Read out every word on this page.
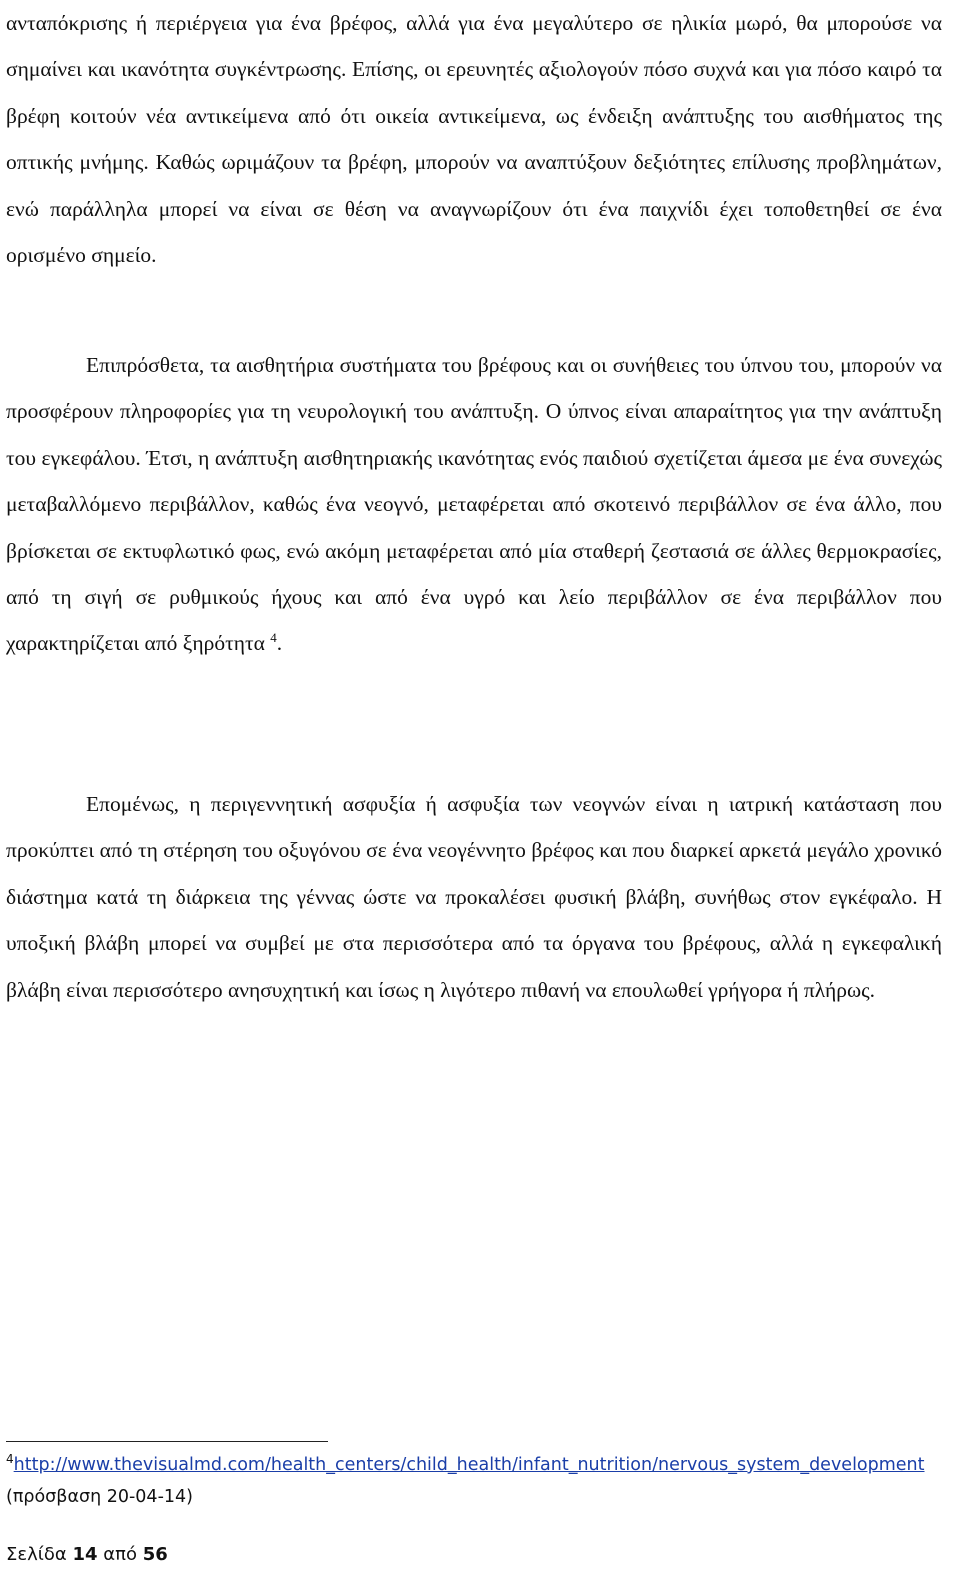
ανταπόκρισης ή περιέργεια για ένα βρέφος, αλλά για ένα μεγαλύτερο σε ηλικία μωρό, θα μπορούσε να σημαίνει και ικανότητα συγκέντρωσης. Επίσης, οι ερευνητές αξιολογούν πόσο συχνά και για πόσο καιρό τα βρέφη κοιτούν νέα αντικείμενα από ότι οικεία αντικείμενα, ως ένδειξη ανάπτυξης του αισθήματος της οπτικής μνήμης. Καθώς ωριμάζουν τα βρέφη, μπορούν να αναπτύξουν δεξιότητες επίλυσης προβλημάτων, ενώ παράλληλα μπορεί να είναι σε θέση να αναγνωρίζουν ότι ένα παιχνίδι έχει τοποθετηθεί σε ένα ορισμένο σημείο.

Επιπρόσθετα, τα αισθητήρια συστήματα του βρέφους και οι συνήθειες του ύπνου του, μπορούν να προσφέρουν πληροφορίες για τη νευρολογική του ανάπτυξη. Ο ύπνος είναι απαραίτητος για την ανάπτυξη του εγκεφάλου. Έτσι, η ανάπτυξη αισθητηριακής ικανότητας ενός παιδιού σχετίζεται άμεσα με ένα συνεχώς μεταβαλλόμενο περιβάλλον, καθώς ένα νεογνό, μεταφέρεται από σκοτεινό περιβάλλον σε ένα άλλο, που βρίσκεται σε εκτυφλωτικό φως, ενώ ακόμη μεταφέρεται από μία σταθερή ζεστασιά σε άλλες θερμοκρασίες, από τη σιγή σε ρυθμικούς ήχους και από ένα υγρό και λείο περιβάλλον σε ένα περιβάλλον που χαρακτηρίζεται από ξηρότητα $^4$.

Επομένως, η περιγεννητική ασφυξία ή ασφυξία των νεογνών είναι η ιατρική κατάσταση που προκύπτει από τη στέρηση του οξυγόνου σε ένα νεογέννητο βρέφος και που διαρκεί αρκετά μεγάλο χρονικό διάστημα κατά τη διάρκεια της γέννας ώστε να προκαλέσει φυσική βλάβη, συνήθως στον εγκέφαλο. Η υποξική βλάβη μπορεί να συμβεί με στα περισσότερα από τα όργανα του βρέφους, αλλά η εγκεφαλική βλάβη είναι περισσότερο ανησυχητική και ίσως η λιγότερο πιθανή να επουλωθεί γρήγορα ή πλήρως.

$^4$http://www.thevisualmd.com/health_centers/child_health/infant_nutrition/nervous_system_development (πρόσβαση 20-04-14)
Σελίδα 14 από 56
